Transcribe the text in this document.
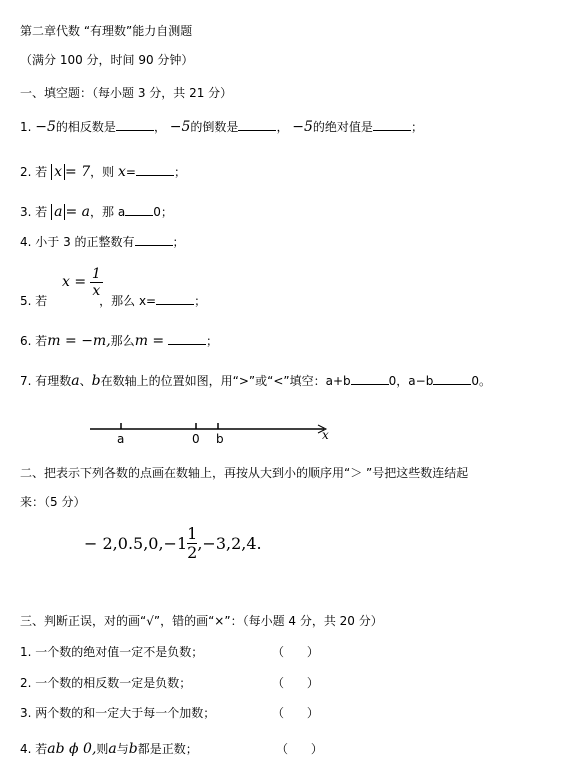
第二章代数 “有理数”能力自测题
（满分 100 分，时间 90 分钟）
一、填空题：（每小题 3 分，共 21 分）
1. −5的相反数是	， −5的倒数是	， −5的绝对值是	；
2. 若 x = 7，则 x=	；
3. 若 a = a，那 a 0；
4. 小于 3 的正整数有	；
$x = \frac{1}{x}$
5. 若	，那么 x=	；
6. 若m = −m,那么m =	；
7. 有理数a、b在数轴上的位置如图，用“>”或“<”填空：a+b	0，a−b	0。
a	0 b	x
二、把表示下列各数的点画在数轴上，再按从大到小的顺序用“＞ ”号把这些数连结起
来：（5 分）
− $2,0.5,0,-1 \frac{1}{2} ,-3,2,4$.
三、判断正误，对的画“√”，错的画“×”：（每小题 4 分，共 20 分）
1. 一个数的绝对值一定不是负数；	（      ）
2. 一个数的相反数一定是负数；	（      ）
3. 两个数的和一定大于每一个加数；	（      ）
4. 若ab ϕ 0,则a与b都是正数；	（      ）
